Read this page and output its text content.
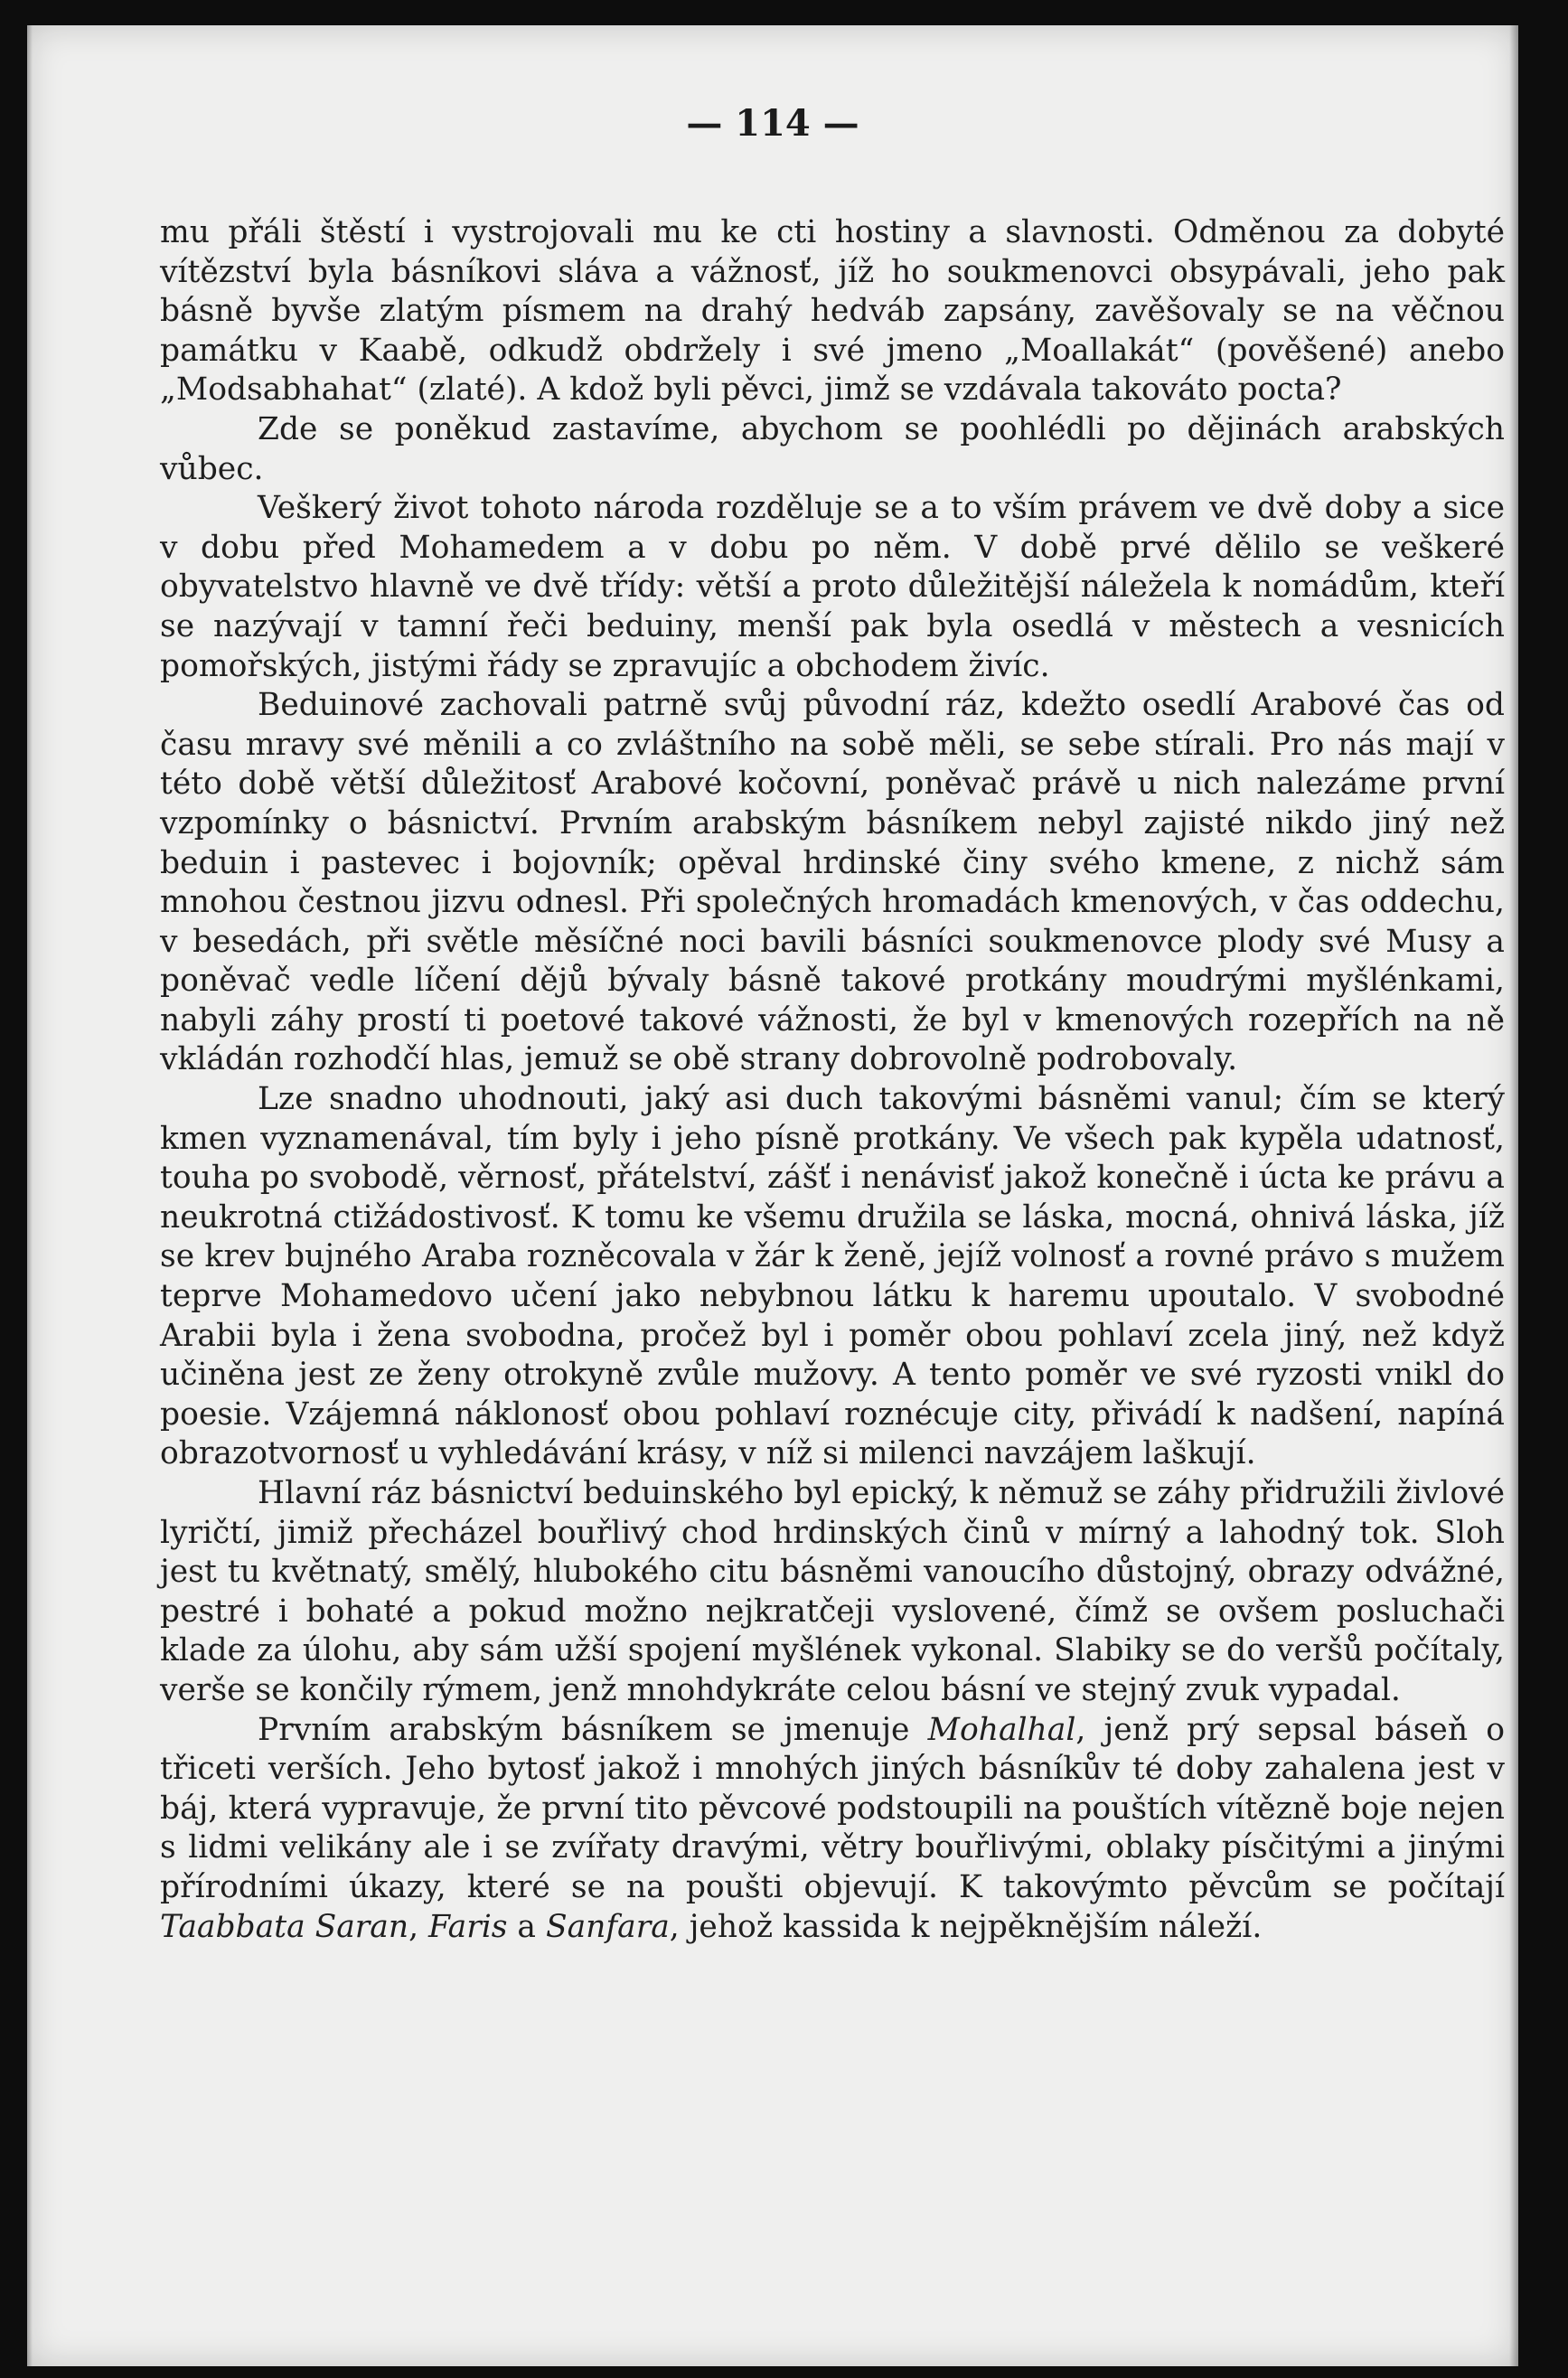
— 114 —

mu přáli štěstí i vystrojovali mu ke cti hostiny a slavnosti. Odměnou za dobyté vítězství byla básníkovi sláva a vážnosť, jíž ho soukmenovci obsypávali, jeho pak básně byvše zlatým písmem na drahý hedváb zapsány, zavěšovaly se na věčnou památku v Kaabě, odkudž obdržely i své jmeno „Moallakát“ (pověšené) anebo „Modsabhahat“ (zlaté). A kdož byli pěvci, jimž se vzdávala takováto pocta?

Zde se poněkud zastavíme, abychom se poohlédli po dějinách arabských vůbec.

Veškerý život tohoto národa rozděluje se a to vším právem ve dvě doby a sice v dobu před Mohamedem a v dobu po něm. V době prvé dělilo se veškeré obyvatelstvo hlavně ve dvě třídy: větší a proto důležitější náležela k nomádům, kteří se nazývají v tamní řeči beduiny, menší pak byla osedlá v městech a vesnicích pomořských, jistými řády se zpravujíc a obchodem živíc.

Beduinové zachovali patrně svůj původní ráz, kdežto osedlí Arabové čas od času mravy své měnili a co zvláštního na sobě měli, se sebe stírali. Pro nás mají v této době větší důležitosť Arabové kočovní, poněvač právě u nich nalezáme první vzpomínky o básnictví. Prvním arabským básníkem nebyl zajisté nikdo jiný než beduin i pastevec i bojovník; opěval hrdinské činy svého kmene, z nichž sám mnohou čestnou jizvu odnesl. Při společných hromadách kmenových, v čas oddechu, v besedách, při světle měsíčné noci bavili básníci soukmenovce plody své Musy a poněvač vedle líčení dějů bývaly básně takové protkány moudrými myšlénkami, nabyli záhy prostí ti poetové takové vážnosti, že byl v kmenových rozepřích na ně vkládán rozhodčí hlas, jemuž se obě strany dobrovolně podrobovaly.

Lze snadno uhodnouti, jaký asi duch takovými básněmi vanul; čím se který kmen vyznamenával, tím byly i jeho písně protkány. Ve všech pak kypěla udatnosť, touha po svobodě, věrnosť, přátelství, zášť i nenávisť jakož konečně i úcta ke právu a neukrotná ctižádostivosť. K tomu ke všemu družila se láska, mocná, ohnivá láska, jíž se krev bujného Araba rozněcovala v žár k ženě, jejíž volnosť a rovné právo s mužem teprve Mohamedovo učení jako nebybnou látku k haremu upoutalo. V svobodné Arabii byla i žena svobodna, pročež byl i poměr obou pohlaví zcela jiný, než když učiněna jest ze ženy otrokyně zvůle mužovy. A tento poměr ve své ryzosti vnikl do poesie. Vzájemná náklonosť obou pohlaví roznécuje city, přivádí k nadšení, napíná obrazotvornosť u vyhledávání krásy, v níž si milenci navzájem laškují.

Hlavní ráz básnictví beduinského byl epický, k němuž se záhy přidružili živlové lyričtí, jimiž přecházel bouřlivý chod hrdinských činů v mírný a lahodný tok. Sloh jest tu květnatý, smělý, hlubokého citu básněmi vanoucího důstojný, obrazy odvážné, pestré i bohaté a pokud možno nejkratčeji vyslovené, čímž se ovšem posluchači klade za úlohu, aby sám užší spojení myšlének vykonal. Slabiky se do veršů počítaly, verše se končily rýmem, jenž mnohdykráte celou básní ve stejný zvuk vypadal.

Prvním arabským básníkem se jmenuje Mohalhal, jenž prý sepsal báseň o třiceti verších. Jeho bytosť jakož i mnohých jiných básníkův té doby zahalena jest v báj, která vypravuje, že první tito pěvcové podstoupili na pouštích vítězně boje nejen s lidmi velikány ale i se zvířaty dravými, větry bouřlivými, oblaky písčitými a jinými přírodními úkazy, které se na poušti objevují. K takovýmto pěvcům se počítají Taabbata Saran, Faris a Sanfara, jehož kassida k nejpěknějším náleží.
